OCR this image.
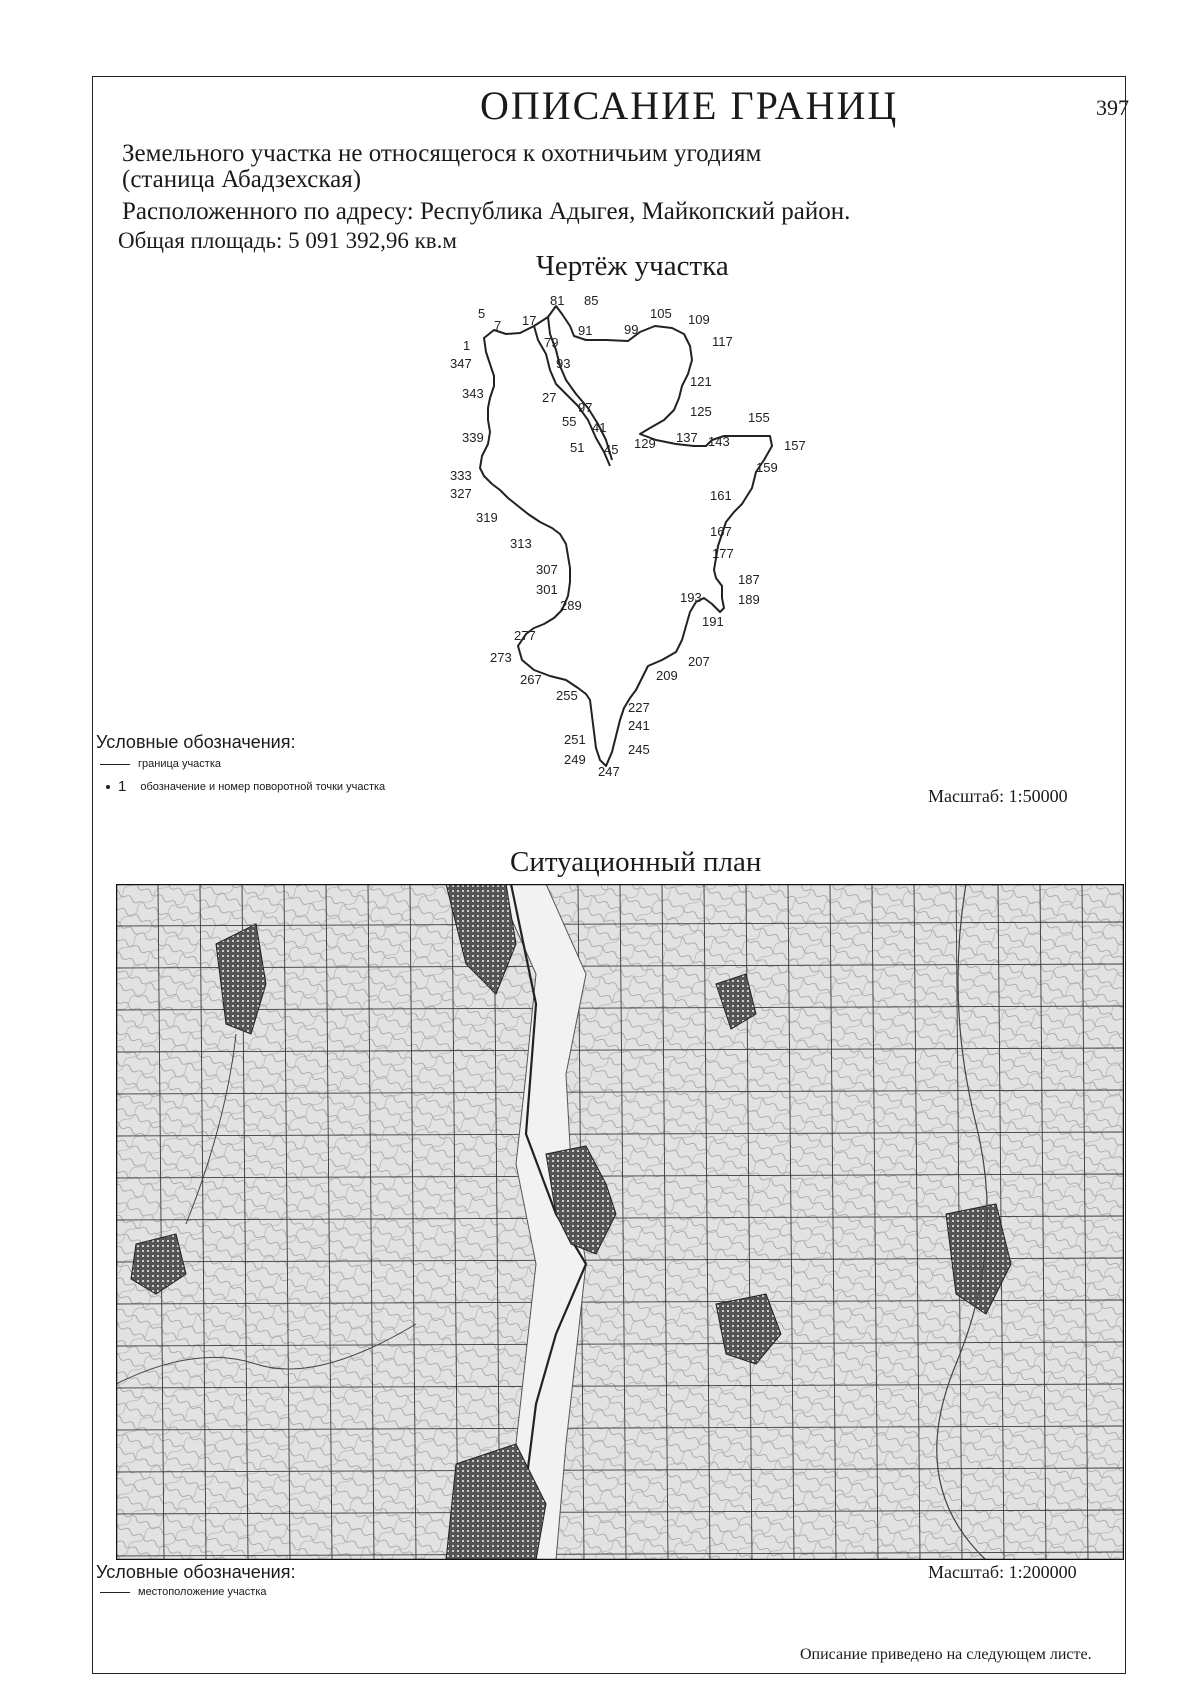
ОПИСАНИЕ ГРАНИЦ	397
Земельного участка не относящегося к охотничьим угодиям
(станица Абадзехская)
Расположенного по адресу: Республика Адыгея, Майкопский район.
Общая площадь: 5 091 392,96 кв.м
Чертёж участка
1
5
7 17
79
81 85
91
93
97
99
105 109
117
121
125
129 137 143
155
157
159
161
167
177
187
189
191
193
207
209
227
241
245
247
249
251
255
267
273
277
289
301
307
313
319
327
333
339
343
347
27
41
45
51
55
Условные обозначения:
граница участка
1 обозначение и номер поворотной точки участка	Масштаб: 1:50000
Ситуационный план
Условные обозначения:
местоположение участка
Масштаб: 1:200000
Описание приведено на следующем листе.
